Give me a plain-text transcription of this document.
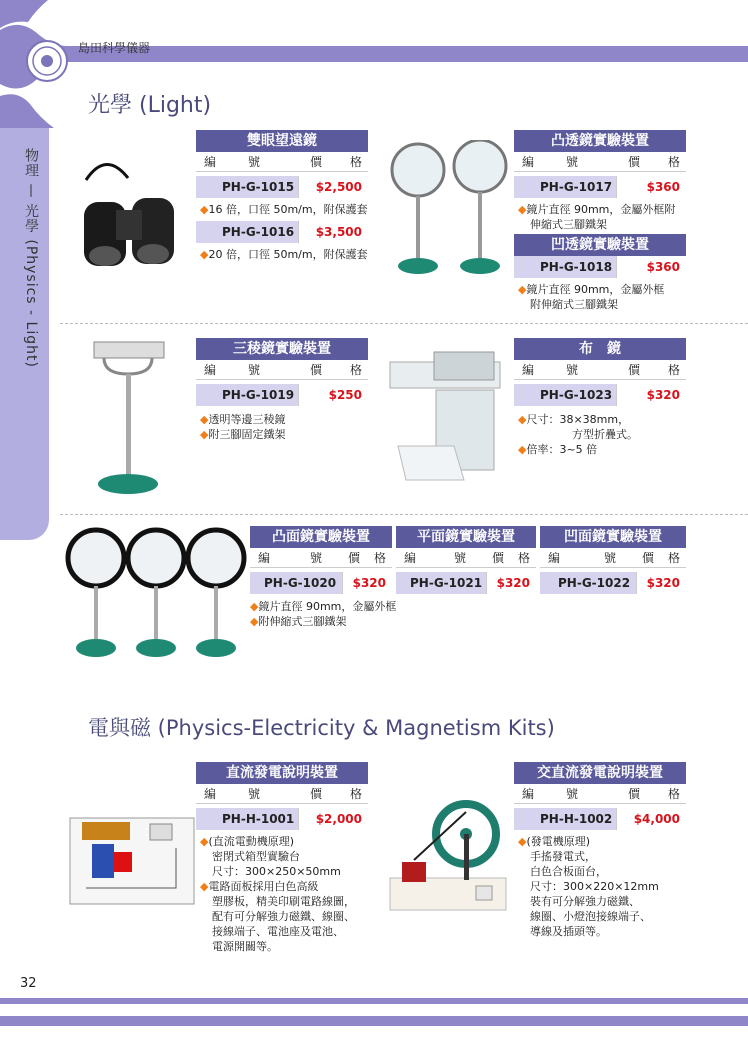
島田科學儀器
物理 — 光學 (Physics - Light)
光學 (Light)
雙眼望遠鏡
編	號	價	格
PH-G-1015	$2,500
◆16 倍，口徑 50m/m，附保護套
PH-G-1016	$3,500
◆20 倍，口徑 50m/m，附保護套
凸透鏡實驗裝置
編	號	價	格
PH-G-1017	$360
◆鏡片直徑 90mm，金屬外框附
伸縮式三腳鐵架
凹透鏡實驗裝置
PH-G-1018	$360
◆鏡片直徑 90mm，金屬外框
附伸縮式三腳鐵架
三稜鏡實驗裝置
編	號	價	格
PH-G-1019	$250
◆透明等邊三稜鏡
◆附三腳固定鐵架
布　鏡
編	號	價	格
PH-G-1023	$320
◆尺寸：38×38mm，
方型折疊式。
◆倍率：3~5 倍
凸面鏡實驗裝置
編	號	價	格
PH-G-1020	$320
平面鏡實驗裝置
編	號	價	格
PH-G-1021	$320
凹面鏡實驗裝置
編	號	價	格
PH-G-1022	$320
◆鏡片直徑 90mm，金屬外框
◆附伸縮式三腳鐵架
電與磁 (Physics-Electricity & Magnetism Kits)
直流發電說明裝置
編	號	價	格
PH-H-1001	$2,000
◆(直流電動機原理)
密閉式箱型實驗台
尺寸：300×250×50mm
◆電路面板採用白色高級
塑膠板，精美印刷電路線圖，
配有可分解強力磁鐵、線圈、
接線端子、電池座及電池、
電源開關等。
交直流發電說明裝置
編	號	價	格
PH-H-1002	$4,000
◆(發電機原理)
手搖發電式，
白色合板面台，
尺寸：300×220×12mm
裝有可分解強力磁鐵、
線圈、小燈泡接線端子、
導線及插頭等。
32
